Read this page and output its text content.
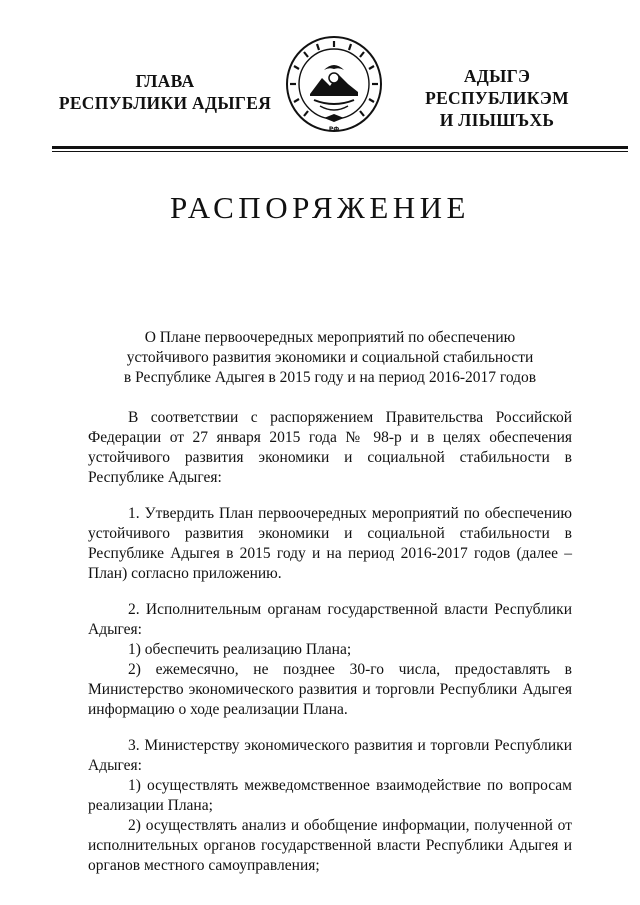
ГЛАВА
РЕСПУБЛИКИ АДЫГЕЯ
РФ
АДЫГЭ РЕСПУБЛИКЭМ
И ЛІЫШЪХЬ
РАСПОРЯЖЕНИЕ
О Плане первоочередных мероприятий по обеспечению
устойчивого развития экономики и социальной стабильности
в Республике Адыгея в 2015 году и на период 2016-2017 годов

В соответствии с распоряжением Правительства Российской Федерации от 27 января 2015 года № 98-р и в целях обеспечения устойчивого развития экономики и социальной стабильности в Республике Адыгея:

1. Утвердить План первоочередных мероприятий по обеспечению устойчивого развития экономики и социальной стабильности в Республике Адыгея в 2015 году и на период 2016-2017 годов (далее – План) согласно приложению.

2. Исполнительным органам государственной власти Республики Адыгея:

1) обеспечить реализацию Плана;

2) ежемесячно, не позднее 30-го числа, предоставлять в Министерство экономического развития и торговли Республики Адыгея информацию о ходе реализации Плана.

3. Министерству экономического развития и торговли Республики Адыгея:

1) осуществлять межведомственное взаимодействие по вопросам реализации Плана;

2) осуществлять анализ и обобщение информации, полученной от исполнительных органов государственной власти Республики Адыгея и органов местного самоуправления;
